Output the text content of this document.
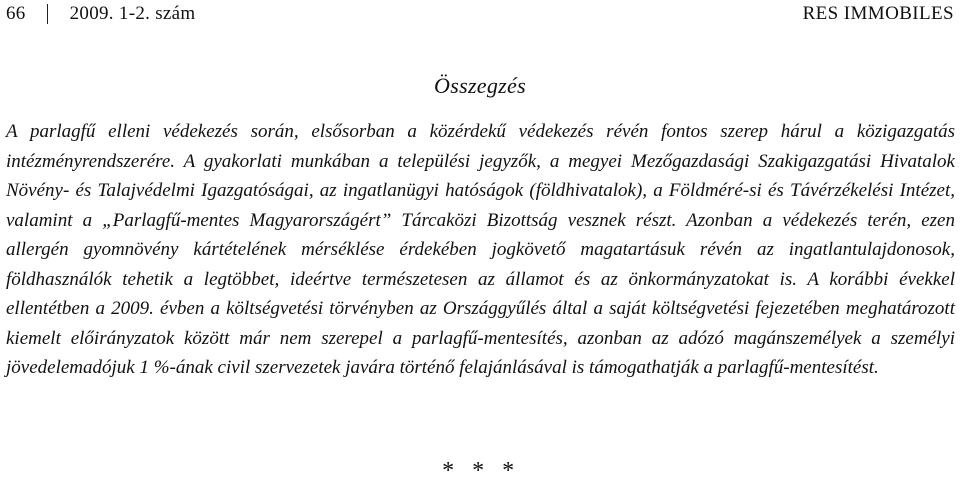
66 2009. 1-2. szám	RES IMMOBILES
Összegzés

A parlagfű elleni védekezés során, elsősorban a közérdekű védekezés révén fontos szerep hárul a közigazgatás intézményrendszerére. A gyakorlati munkában a települési jegyzők, a megyei Mezőgazdasági Szakigazgatási Hivatalok Növény- és Talajvédelmi Igazgatóságai, az ingatlanügyi hatóságok (földhivatalok), a Földméré-si és Távérzékelési Intézet, valamint a „Parlagfű-mentes Magyarországért” Tárcaközi Bizottság vesznek részt. Azonban a védekezés terén, ezen allergén gyomnövény kártételének mérséklése érdekében jogkövető magatartásuk révén az ingatlantulajdonosok, földhasználók tehetik a legtöbbet, ideértve természetesen az államot és az önkormányzatokat is. A korábbi évekkel ellentétben a 2009. évben a költségvetési törvényben az Országgyűlés által a saját költségvetési fejezetében meghatározott kiemelt előirányzatok között már nem szerepel a parlagfű-mentesítés, azonban az adózó magánszemélyek a személyi jövedelemadójuk 1 %-ának civil szervezetek javára történő felajánlásával is támogathatják a parlagfű-mentesítést.

* * *
